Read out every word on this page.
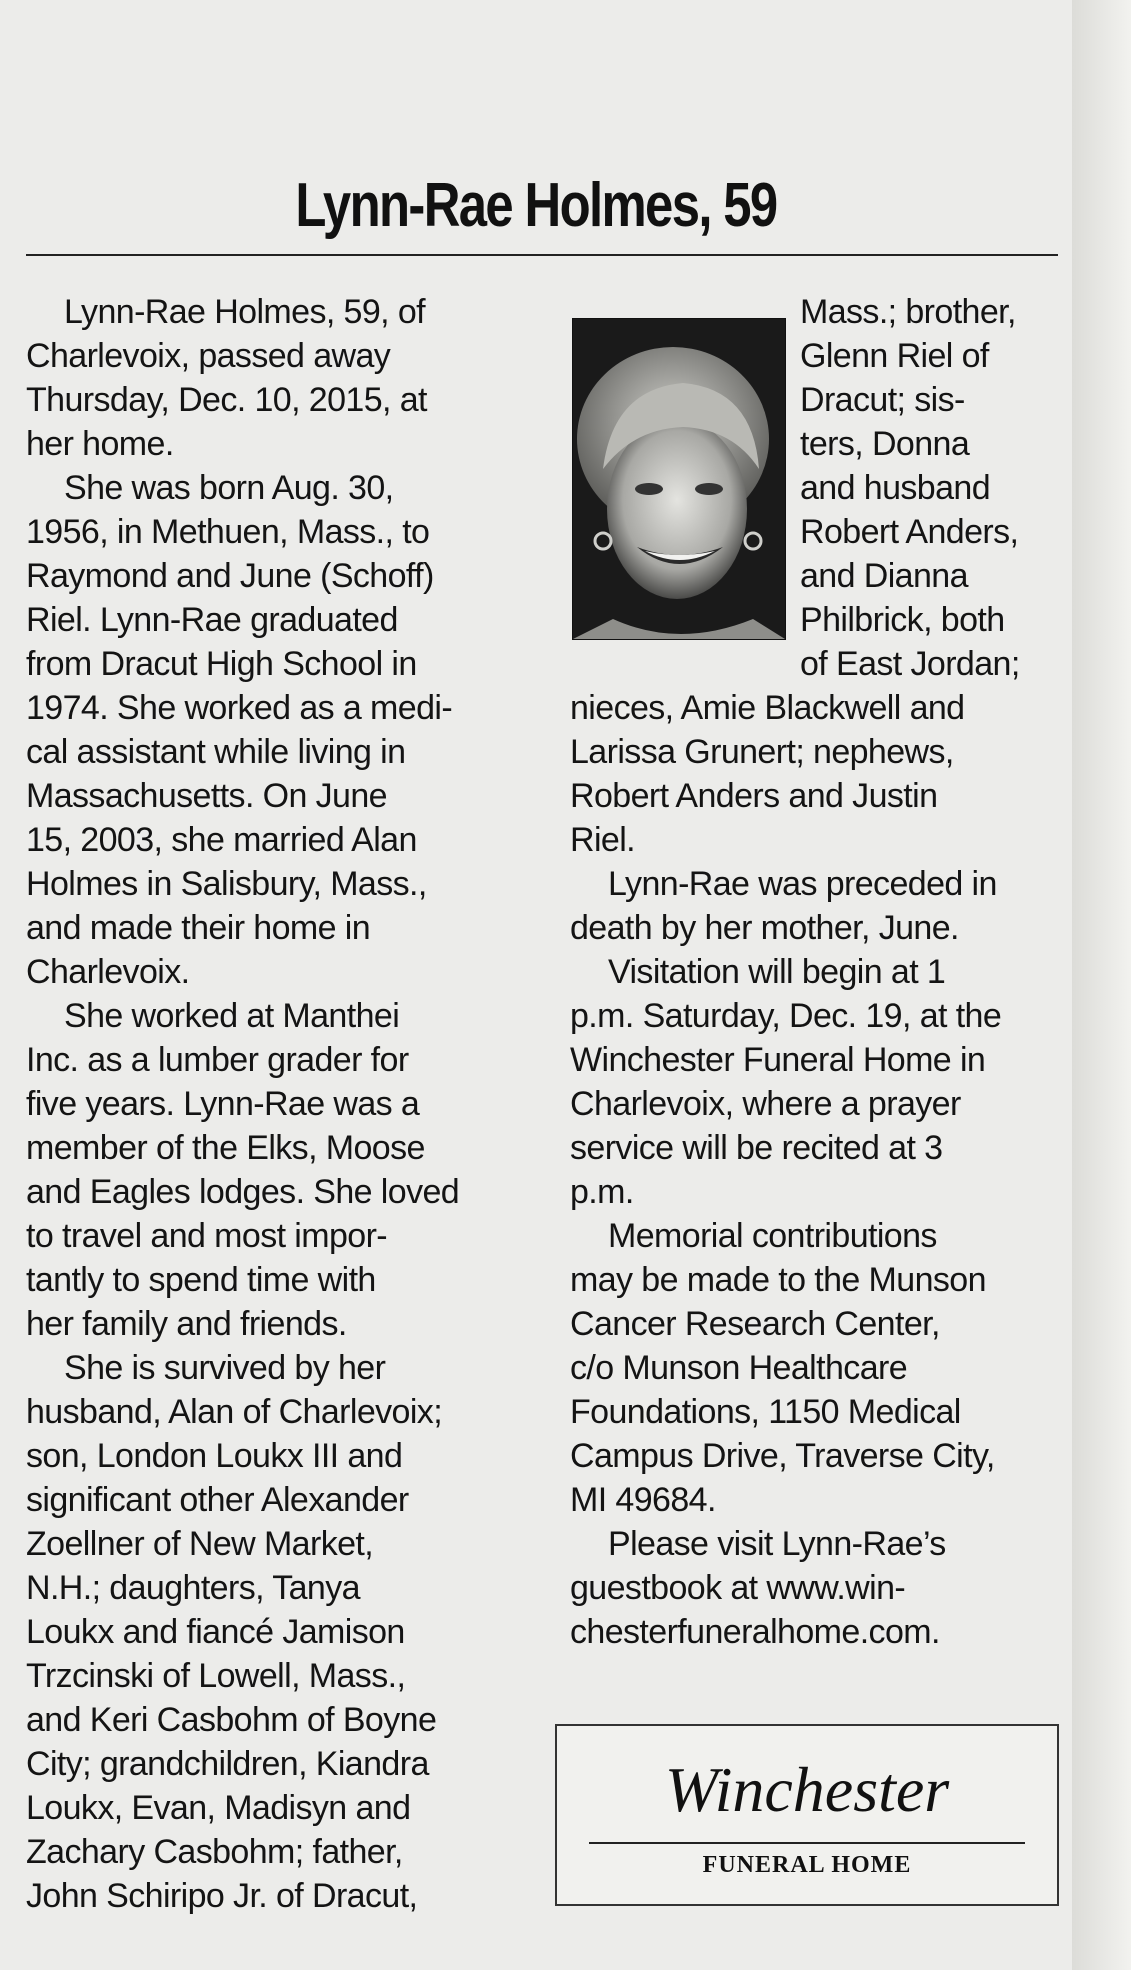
Lynn-Rae Holmes, 59

Lynn-Rae Holmes, 59, of

Charlevoix, passed away

Thursday, Dec. 10, 2015, at

her home.

She was born Aug. 30,

1956, in Methuen, Mass., to

Raymond and June (Schoff)

Riel. Lynn-Rae graduated

from Dracut High School in

1974. She worked as a medi-

cal assistant while living in

Massachusetts. On June

15, 2003, she married Alan

Holmes in Salisbury, Mass.,

and made their home in

Charlevoix.

She worked at Manthei

Inc. as a lumber grader for

five years. Lynn-Rae was a

member of the Elks, Moose

and Eagles lodges. She loved

to travel and most impor-

tantly to spend time with

her family and friends.

She is survived by her

husband, Alan of Charlevoix;

son, London Loukx III and

significant other Alexander

Zoellner of New Market,

N.H.; daughters, Tanya

Loukx and fiancé Jamison

Trzcinski of Lowell, Mass.,

and Keri Casbohm of Boyne

City; grandchildren, Kiandra

Loukx, Evan, Madisyn and

Zachary Casbohm; father,

John Schiripo Jr. of Dracut,

Mass.; brother,

Glenn Riel of

Dracut; sis-

ters, Donna

and husband

Robert Anders,

and Dianna

Philbrick, both

of East Jordan;

nieces, Amie Blackwell and

Larissa Grunert; nephews,

Robert Anders and Justin

Riel.

Lynn-Rae was preceded in

death by her mother, June.

Visitation will begin at 1

p.m. Saturday, Dec. 19, at the

Winchester Funeral Home in

Charlevoix, where a prayer

service will be recited at 3

p.m.

Memorial contributions

may be made to the Munson

Cancer Research Center,

c/o Munson Healthcare

Foundations, 1150 Medical

Campus Drive, Traverse City,

MI 49684.

Please visit Lynn-Rae’s

guestbook at www.win-

chesterfuneralhome.com.

Winchester
FUNERAL HOME
